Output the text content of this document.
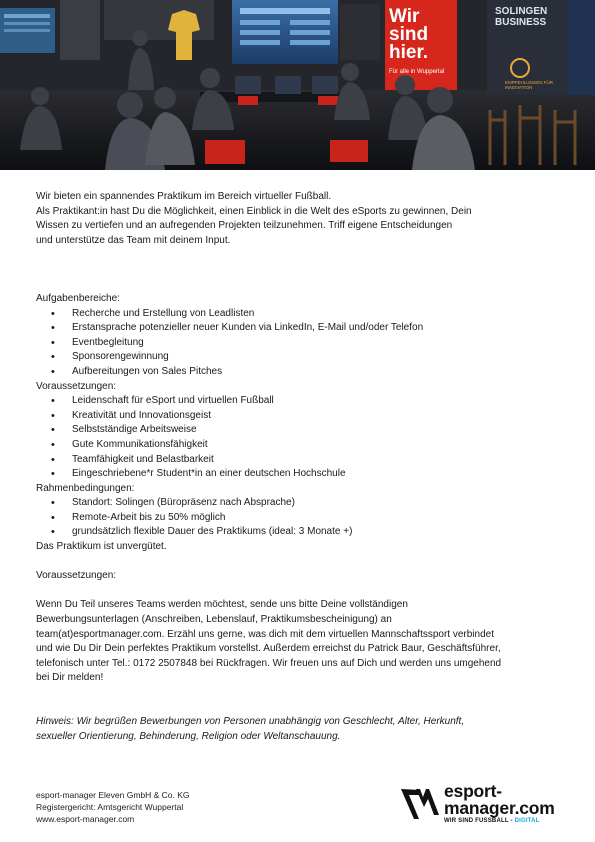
Wir
sind
hier.
Für alle in Wuppertal
SOLINGEN BUSINESS
EMPFEHLUNGEN FÜR INNOVATION

Wir bieten ein spannendes Praktikum im Bereich virtueller Fußball.

Als Praktikant:in hast Du die Möglichkeit, einen Einblick in die Welt des eSports zu gewinnen, Dein

Wissen zu vertiefen und an aufregenden Projekten teilzunehmen. Triff eigene Entscheidungen

und unterstütze das Team mit deinem Input.

Aufgabenbereiche:

• Recherche und Erstellung von Leadlisten
• Erstansprache potenzieller neuer Kunden via LinkedIn, E-Mail und/oder Telefon
• Eventbegleitung
• Sponsorengewinnung
• Aufbereitungen von Sales Pitches

Voraussetzungen:

• Leidenschaft für eSport und virtuellen Fußball
• Kreativität und Innovationsgeist
• Selbstständige Arbeitsweise
• Gute Kommunikationsfähigkeit
• Teamfähigkeit und Belastbarkeit
• Eingeschriebene*r Student*in an einer deutschen Hochschule

Rahmenbedingungen:

• Standort: Solingen (Büropräsenz nach Absprache)
• Remote-Arbeit bis zu 50% möglich
• grundsätzlich flexible Dauer des Praktikums (ideal: 3 Monate +)

Das Praktikum ist unvergütet.

Voraussetzungen:

Wenn Du Teil unseres Teams werden möchtest, sende uns bitte Deine vollständigen

Bewerbungsunterlagen (Anschreiben, Lebenslauf, Praktikumsbescheinigung) an

team(at)esportmanager.com. Erzähl uns gerne, was dich mit dem virtuellen Mannschaftssport verbindet

und wie Du Dir Dein perfektes Praktikum vorstellst. Außerdem erreichst du Patrick Baur, Geschäftsführer,

telefonisch unter Tel.: 0172 2507848 bei Rückfragen. Wir freuen uns auf Dich und werden uns umgehend

bei Dir melden!

Hinweis: Wir begrüßen Bewerbungen von Personen unabhängig von Geschlecht, Alter, Herkunft,

sexueller Orientierung, Behinderung, Religion oder Weltanschauung.

esport-manager Eleven GmbH & Co. KG
Registergericht: Amtsgericht Wuppertal
www.esport-manager.com
esport-
manager.com
WIR SIND FUSSBALL - DIGITAL
